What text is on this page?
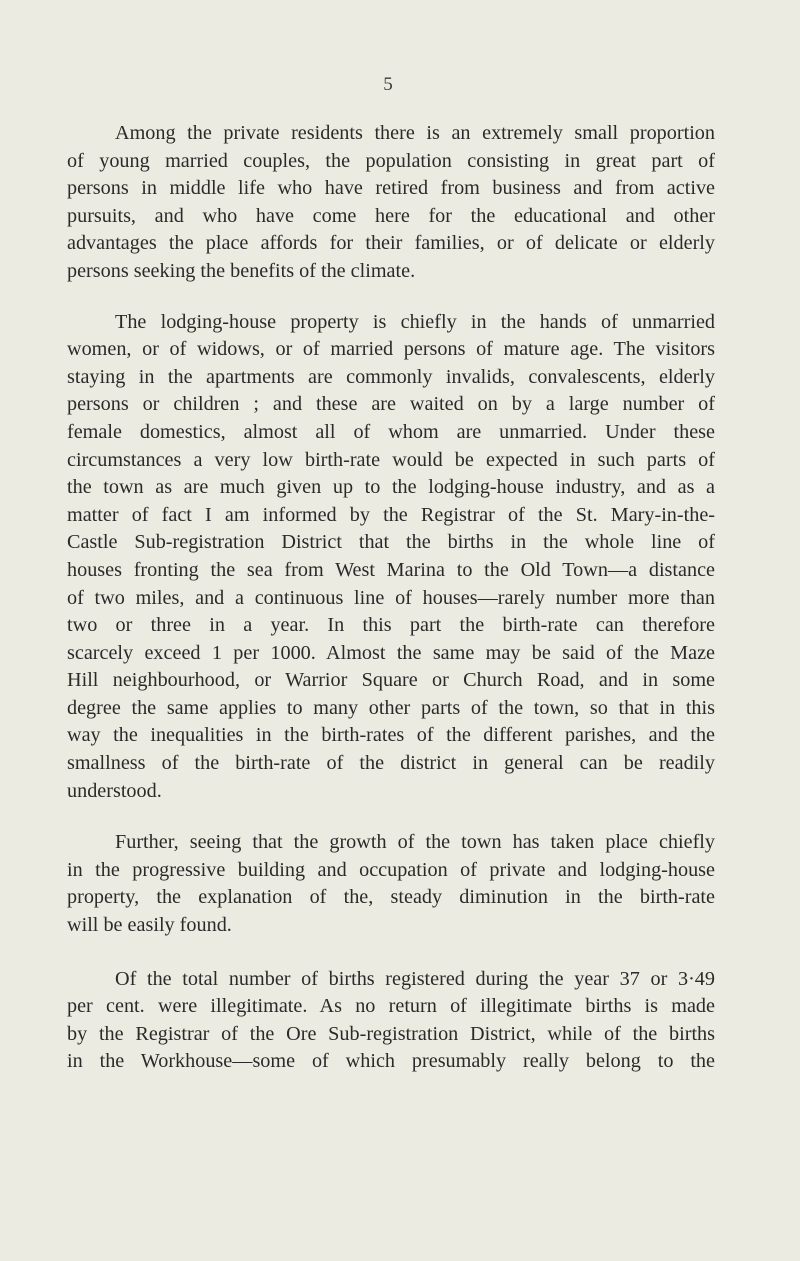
5

Among the private residents there is an extremely small proportion
of young married couples, the population consisting in great part of
persons in middle life who have retired from business and from active
pursuits, and who have come here for the educational and other
advantages the place affords for their families, or of delicate or elderly
persons seeking the benefits of the climate.

The lodging-house property is chiefly in the hands of unmarried
women, or of widows, or of married persons of mature age. The visitors
staying in the apartments are commonly invalids, convalescents, elderly
persons or children ; and these are waited on by a large number of
female domestics, almost all of whom are unmarried. Under these
circumstances a very low birth-rate would be expected in such parts of
the town as are much given up to the lodging-house industry, and as a
matter of fact I am informed by the Registrar of the St. Mary-in-the-
Castle Sub-registration District that the births in the whole line of
houses fronting the sea from West Marina to the Old Town—a distance
of two miles, and a continuous line of houses—rarely number more than
two or three in a year. In this part the birth-rate can therefore
scarcely exceed 1 per 1000. Almost the same may be said of the Maze
Hill neighbourhood, or Warrior Square or Church Road, and in some
degree the same applies to many other parts of the town, so that in this
way the inequalities in the birth-rates of the different parishes, and the
smallness of the birth-rate of the district in general can be readily
understood.

Further, seeing that the growth of the town has taken place chiefly
in the progressive building and occupation of private and lodging-house
property, the explanation of the, steady diminution in the birth-rate
will be easily found.

Of the total number of births registered during the year 37 or 3·49
per cent. were illegitimate. As no return of illegitimate births is made
by the Registrar of the Ore Sub-registration District, while of the births
in the Workhouse—some of which presumably really belong to the
